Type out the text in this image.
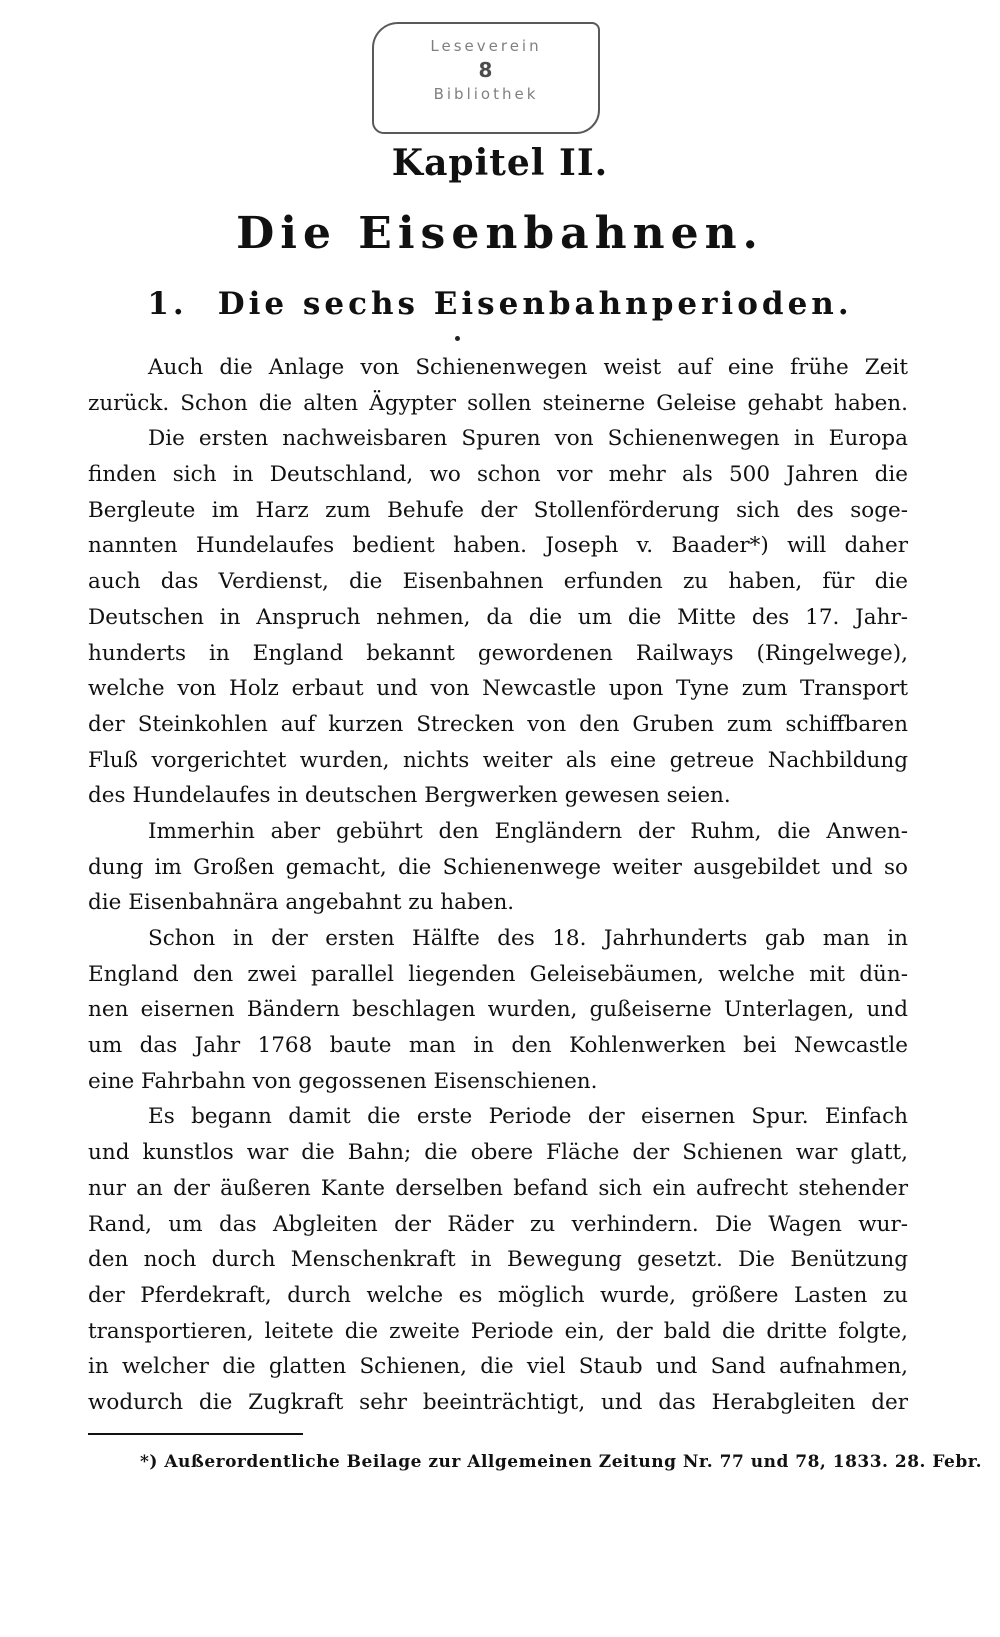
Leseverein
8
Bibliothek
Kapitel II.
Die Eisenbahnen.
1. Die sechs Eisenbahnperioden.
Auch die Anlage von Schienenwegen weist auf eine frühe Zeit
zurück. Schon die alten Ägypter sollen steinerne Geleise gehabt haben.
Die ersten nachweisbaren Spuren von Schienenwegen in Europa
finden sich in Deutschland, wo schon vor mehr als 500 Jahren die
Bergleute im Harz zum Behufe der Stollenförderung sich des soge-
nannten Hundelaufes bedient haben. Joseph v. Baader*) will daher
auch das Verdienst, die Eisenbahnen erfunden zu haben, für die
Deutschen in Anspruch nehmen, da die um die Mitte des 17. Jahr-
hunderts in England bekannt gewordenen Railways (Ringelwege),
welche von Holz erbaut und von Newcastle upon Tyne zum Transport
der Steinkohlen auf kurzen Strecken von den Gruben zum schiffbaren
Fluß vorgerichtet wurden, nichts weiter als eine getreue Nachbildung
des Hundelaufes in deutschen Bergwerken gewesen seien.
Immerhin aber gebührt den Engländern der Ruhm, die Anwen-
dung im Großen gemacht, die Schienenwege weiter ausgebildet und so
die Eisenbahnära angebahnt zu haben.
Schon in der ersten Hälfte des 18. Jahrhunderts gab man in
England den zwei parallel liegenden Geleisebäumen, welche mit dün-
nen eisernen Bändern beschlagen wurden, gußeiserne Unterlagen, und
um das Jahr 1768 baute man in den Kohlenwerken bei Newcastle
eine Fahrbahn von gegossenen Eisenschienen.
Es begann damit die erste Periode der eisernen Spur. Einfach
und kunstlos war die Bahn; die obere Fläche der Schienen war glatt,
nur an der äußeren Kante derselben befand sich ein aufrecht stehender
Rand, um das Abgleiten der Räder zu verhindern. Die Wagen wur-
den noch durch Menschenkraft in Bewegung gesetzt. Die Benützung
der Pferdekraft, durch welche es möglich wurde, größere Lasten zu
transportieren, leitete die zweite Periode ein, der bald die dritte folgte,
in welcher die glatten Schienen, die viel Staub und Sand aufnahmen,
wodurch die Zugkraft sehr beeinträchtigt, und das Herabgleiten der
*) Außerordentliche Beilage zur Allgemeinen Zeitung Nr. 77 und 78, 1833. 28. Febr.
